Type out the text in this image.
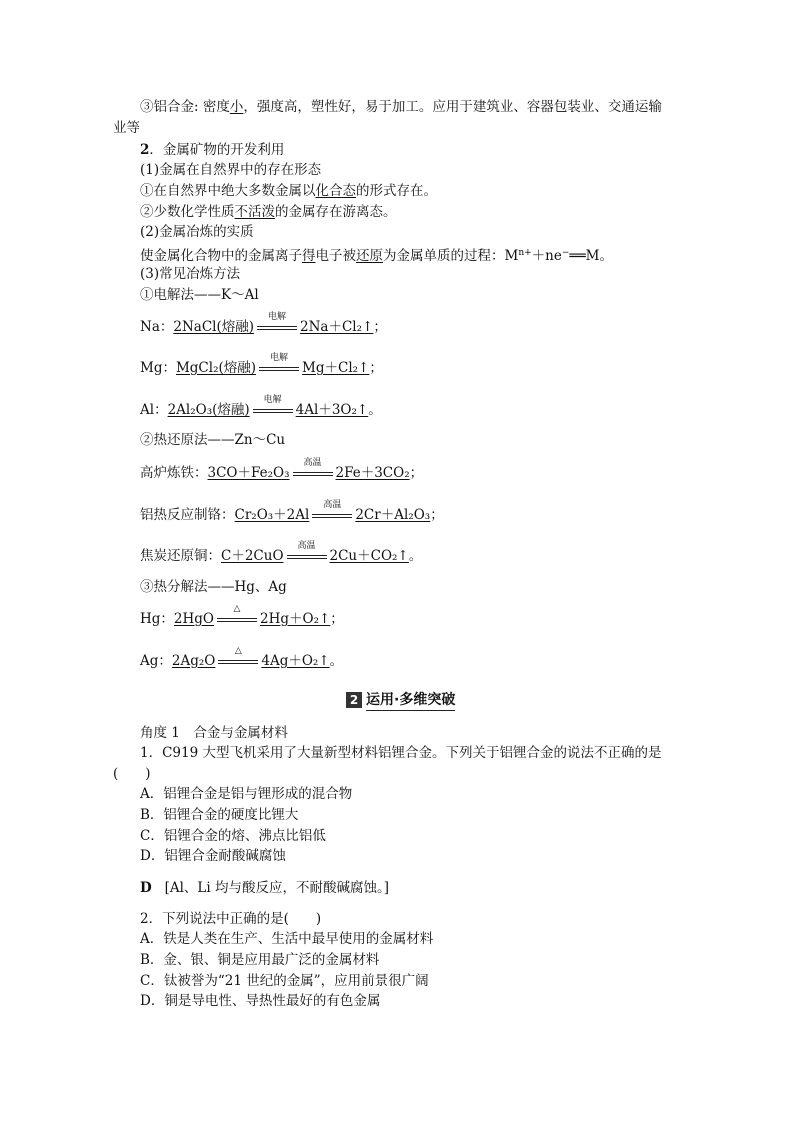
③铝合金: 密度小，强度高，塑性好，易于加工。应用于建筑业、容器包装业、交通运输
业等
2．金属矿物的开发利用
(1)金属在自然界中的存在形态
①在自然界中绝大多数金属以化合态的形式存在。
②少数化学性质不活泼的金属存在游离态。
(2)金属冶炼的实质
使金属化合物中的金属离子得电子被还原为金属单质的过程：$M^{n+}+ne^-══M$。
(3)常见冶炼方法
①电解法——K～Al
Na：2NaCl(熔融)
电解
2Na＋Cl₂↑；
Mg：MgCl₂(熔融)
电解
Mg＋Cl₂↑；
Al：2Al₂O₃(熔融)
电解
4Al＋3O₂↑。
②热还原法——Zn～Cu
高炉炼铁：3CO＋Fe₂O₃
高温
2Fe＋3CO₂；
铝热反应制铬：Cr₂O₃＋2Al
高温
2Cr＋Al₂O₃；
焦炭还原铜：C＋2CuO
高温
2Cu＋CO₂↑。
③热分解法——Hg、Ag
Hg：2HgO
△
2Hg＋O₂↑；
Ag：2Ag₂O
△
4Ag＋O₂↑。
2 运用·多维突破
角度 1　合金与金属材料
1．C919 大型飞机采用了大量新型材料铝锂合金。下列关于铝锂合金的说法不正确的是
(　　)
A．铝锂合金是铝与锂形成的混合物
B．铝锂合金的硬度比锂大
C．铝锂合金的熔、沸点比铝低
D．铝锂合金耐酸碱腐蚀
D [Al、Li 均与酸反应，不耐酸碱腐蚀。]
2．下列说法中正确的是(　　)
A．铁是人类在生产、生活中最早使用的金属材料
B．金、银、铜是应用最广泛的金属材料
C．钛被誉为“21 世纪的金属”，应用前景很广阔
D．铜是导电性、导热性最好的有色金属
